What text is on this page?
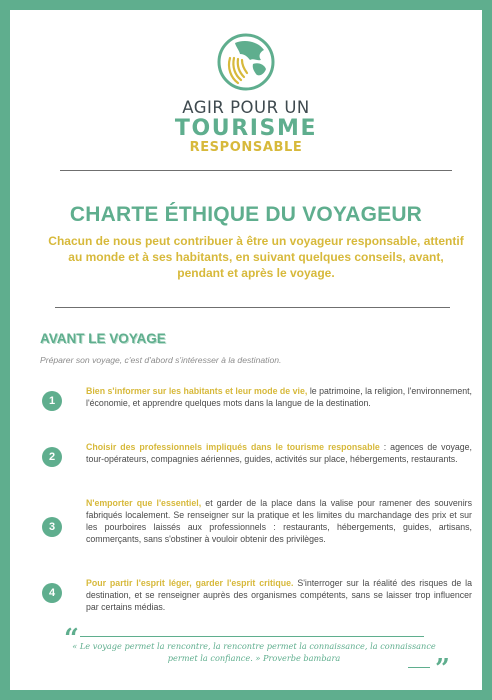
AGIR POUR UN
TOURISME
RESPONSABLE
CHARTE ÉTHIQUE DU VOYAGEUR
Chacun de nous peut contribuer à être un voyageur responsable, attentif au monde et à ses habitants, en suivant quelques conseils, avant, pendant et après le voyage.
AVANT LE VOYAGE
Préparer son voyage, c'est d'abord s'intéresser à la destination.
1
Bien s'informer sur les habitants et leur mode de vie, le patrimoine, la religion, l'environnement, l'économie, et apprendre quelques mots dans la langue de la destination.
2
Choisir des professionnels impliqués dans le tourisme responsable : agences de voyage, tour-opérateurs, compagnies aériennes, guides, activités sur place, hébergements, restaurants.
3
N'emporter que l'essentiel, et garder de la place dans la valise pour ramener des souvenirs fabriqués localement. Se renseigner sur la pratique et les limites du marchandage des prix et sur les pourboires laissés aux professionnels : restaurants, hébergements, guides, artisans, commerçants, sans s'obstiner à vouloir obtenir des privilèges.
4
Pour partir l'esprit léger, garder l'esprit critique. S'interroger sur la réalité des risques de la destination, et se renseigner auprès des organismes compétents, sans se laisser trop influencer par certains médias.
“
« Le voyage permet la rencontre, la rencontre permet la connaissance, la connaissance permet la confiance. » Proverbe bambara	”
